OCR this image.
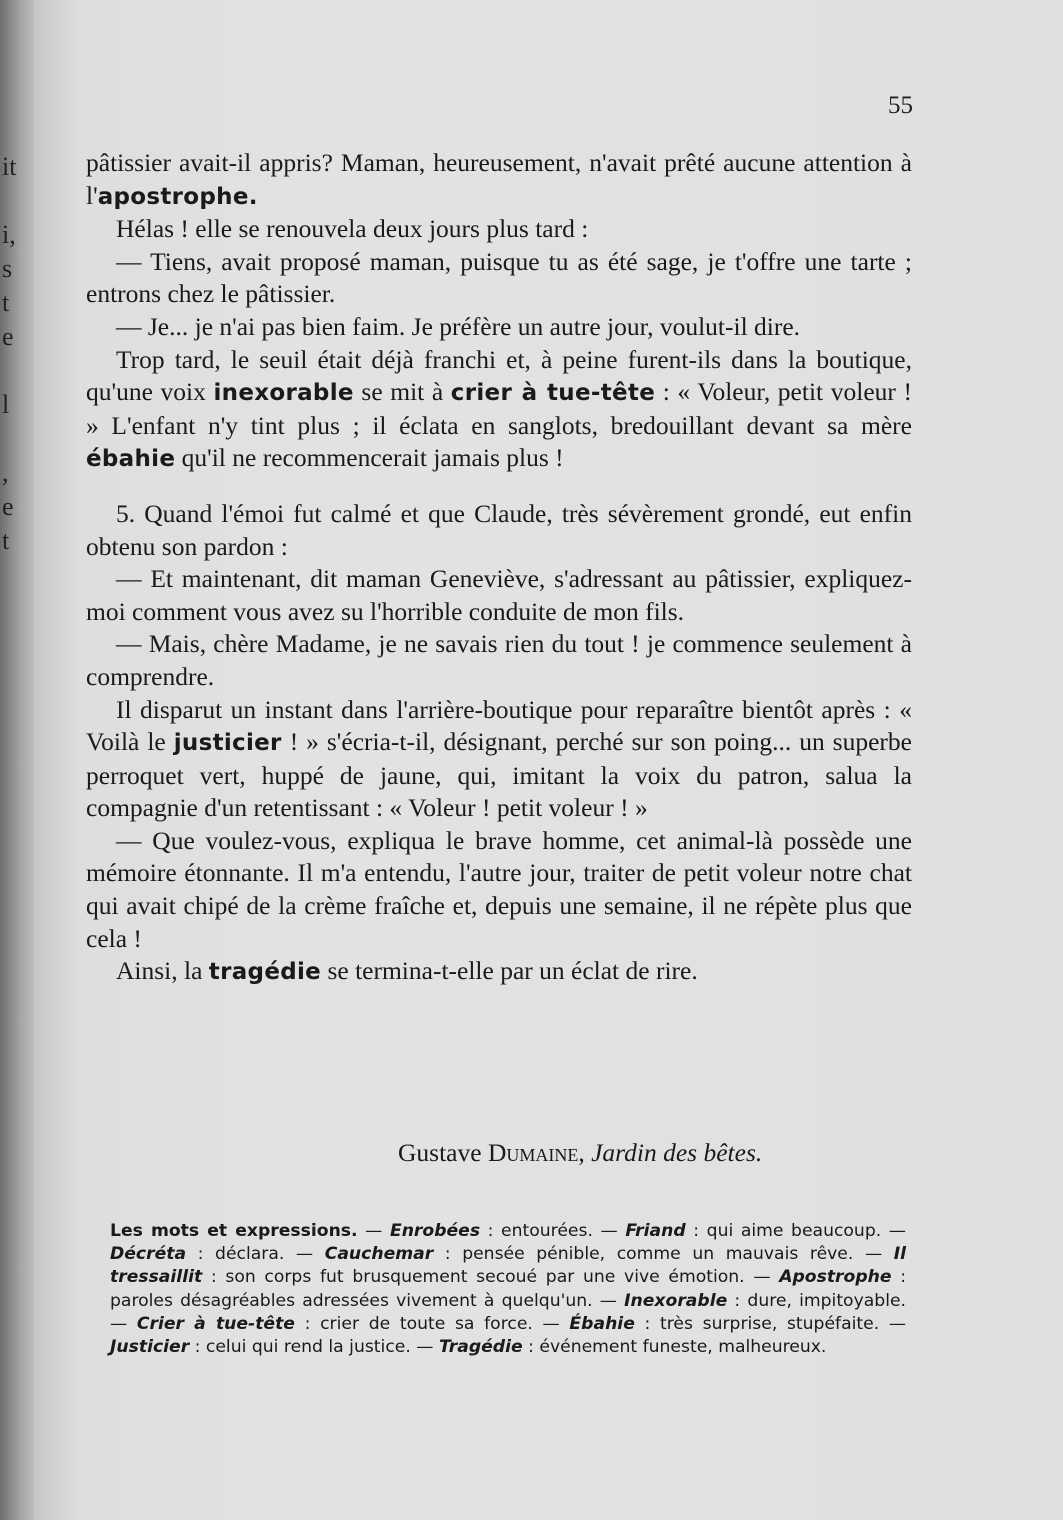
it
i,
s
t
e
l
,
e
t
55

pâtissier avait-il appris? Maman, heureusement, n'avait prêté aucune attention à l'apostrophe.

Hélas ! elle se renouvela deux jours plus tard :

— Tiens, avait proposé maman, puisque tu as été sage, je t'offre une tarte ; entrons chez le pâtissier.

— Je... je n'ai pas bien faim. Je préfère un autre jour, voulut-il dire.

Trop tard, le seuil était déjà franchi et, à peine furent-ils dans la boutique, qu'une voix inexorable se mit à crier à tue-tête : « Voleur, petit voleur ! » L'enfant n'y tint plus ; il éclata en sanglots, bredouillant devant sa mère ébahie qu'il ne recommencerait jamais plus !

5. Quand l'émoi fut calmé et que Claude, très sévèrement grondé, eut enfin obtenu son pardon :

— Et maintenant, dit maman Geneviève, s'adressant au pâtissier, expliquez-moi comment vous avez su l'horrible conduite de mon fils.

— Mais, chère Madame, je ne savais rien du tout ! je commence seulement à comprendre.

Il disparut un instant dans l'arrière-boutique pour reparaître bientôt après : « Voilà le justicier ! » s'écria-t-il, désignant, perché sur son poing... un superbe perroquet vert, huppé de jaune, qui, imitant la voix du patron, salua la compagnie d'un retentissant : « Voleur ! petit voleur ! »

— Que voulez-vous, expliqua le brave homme, cet animal-là possède une mémoire étonnante. Il m'a entendu, l'autre jour, traiter de petit voleur notre chat qui avait chipé de la crème fraîche et, depuis une semaine, il ne répète plus que cela !

Ainsi, la tragédie se termina-t-elle par un éclat de rire.

Gustave Dumaine, Jardin des bêtes.
Les mots et expressions. — Enrobées : entourées. — Friand : qui aime beaucoup. — Décréta : déclara. — Cauchemar : pensée pénible, comme un mauvais rêve. — Il tressaillit : son corps fut brusquement secoué par une vive émotion. — Apostrophe : paroles désagréables adressées vivement à quelqu'un. — Inexorable : dure, impitoyable. — Crier à tue-tête : crier de toute sa force. — Ébahie : très surprise, stupéfaite. — Justicier : celui qui rend la justice. — Tragédie : événement funeste, malheureux.
